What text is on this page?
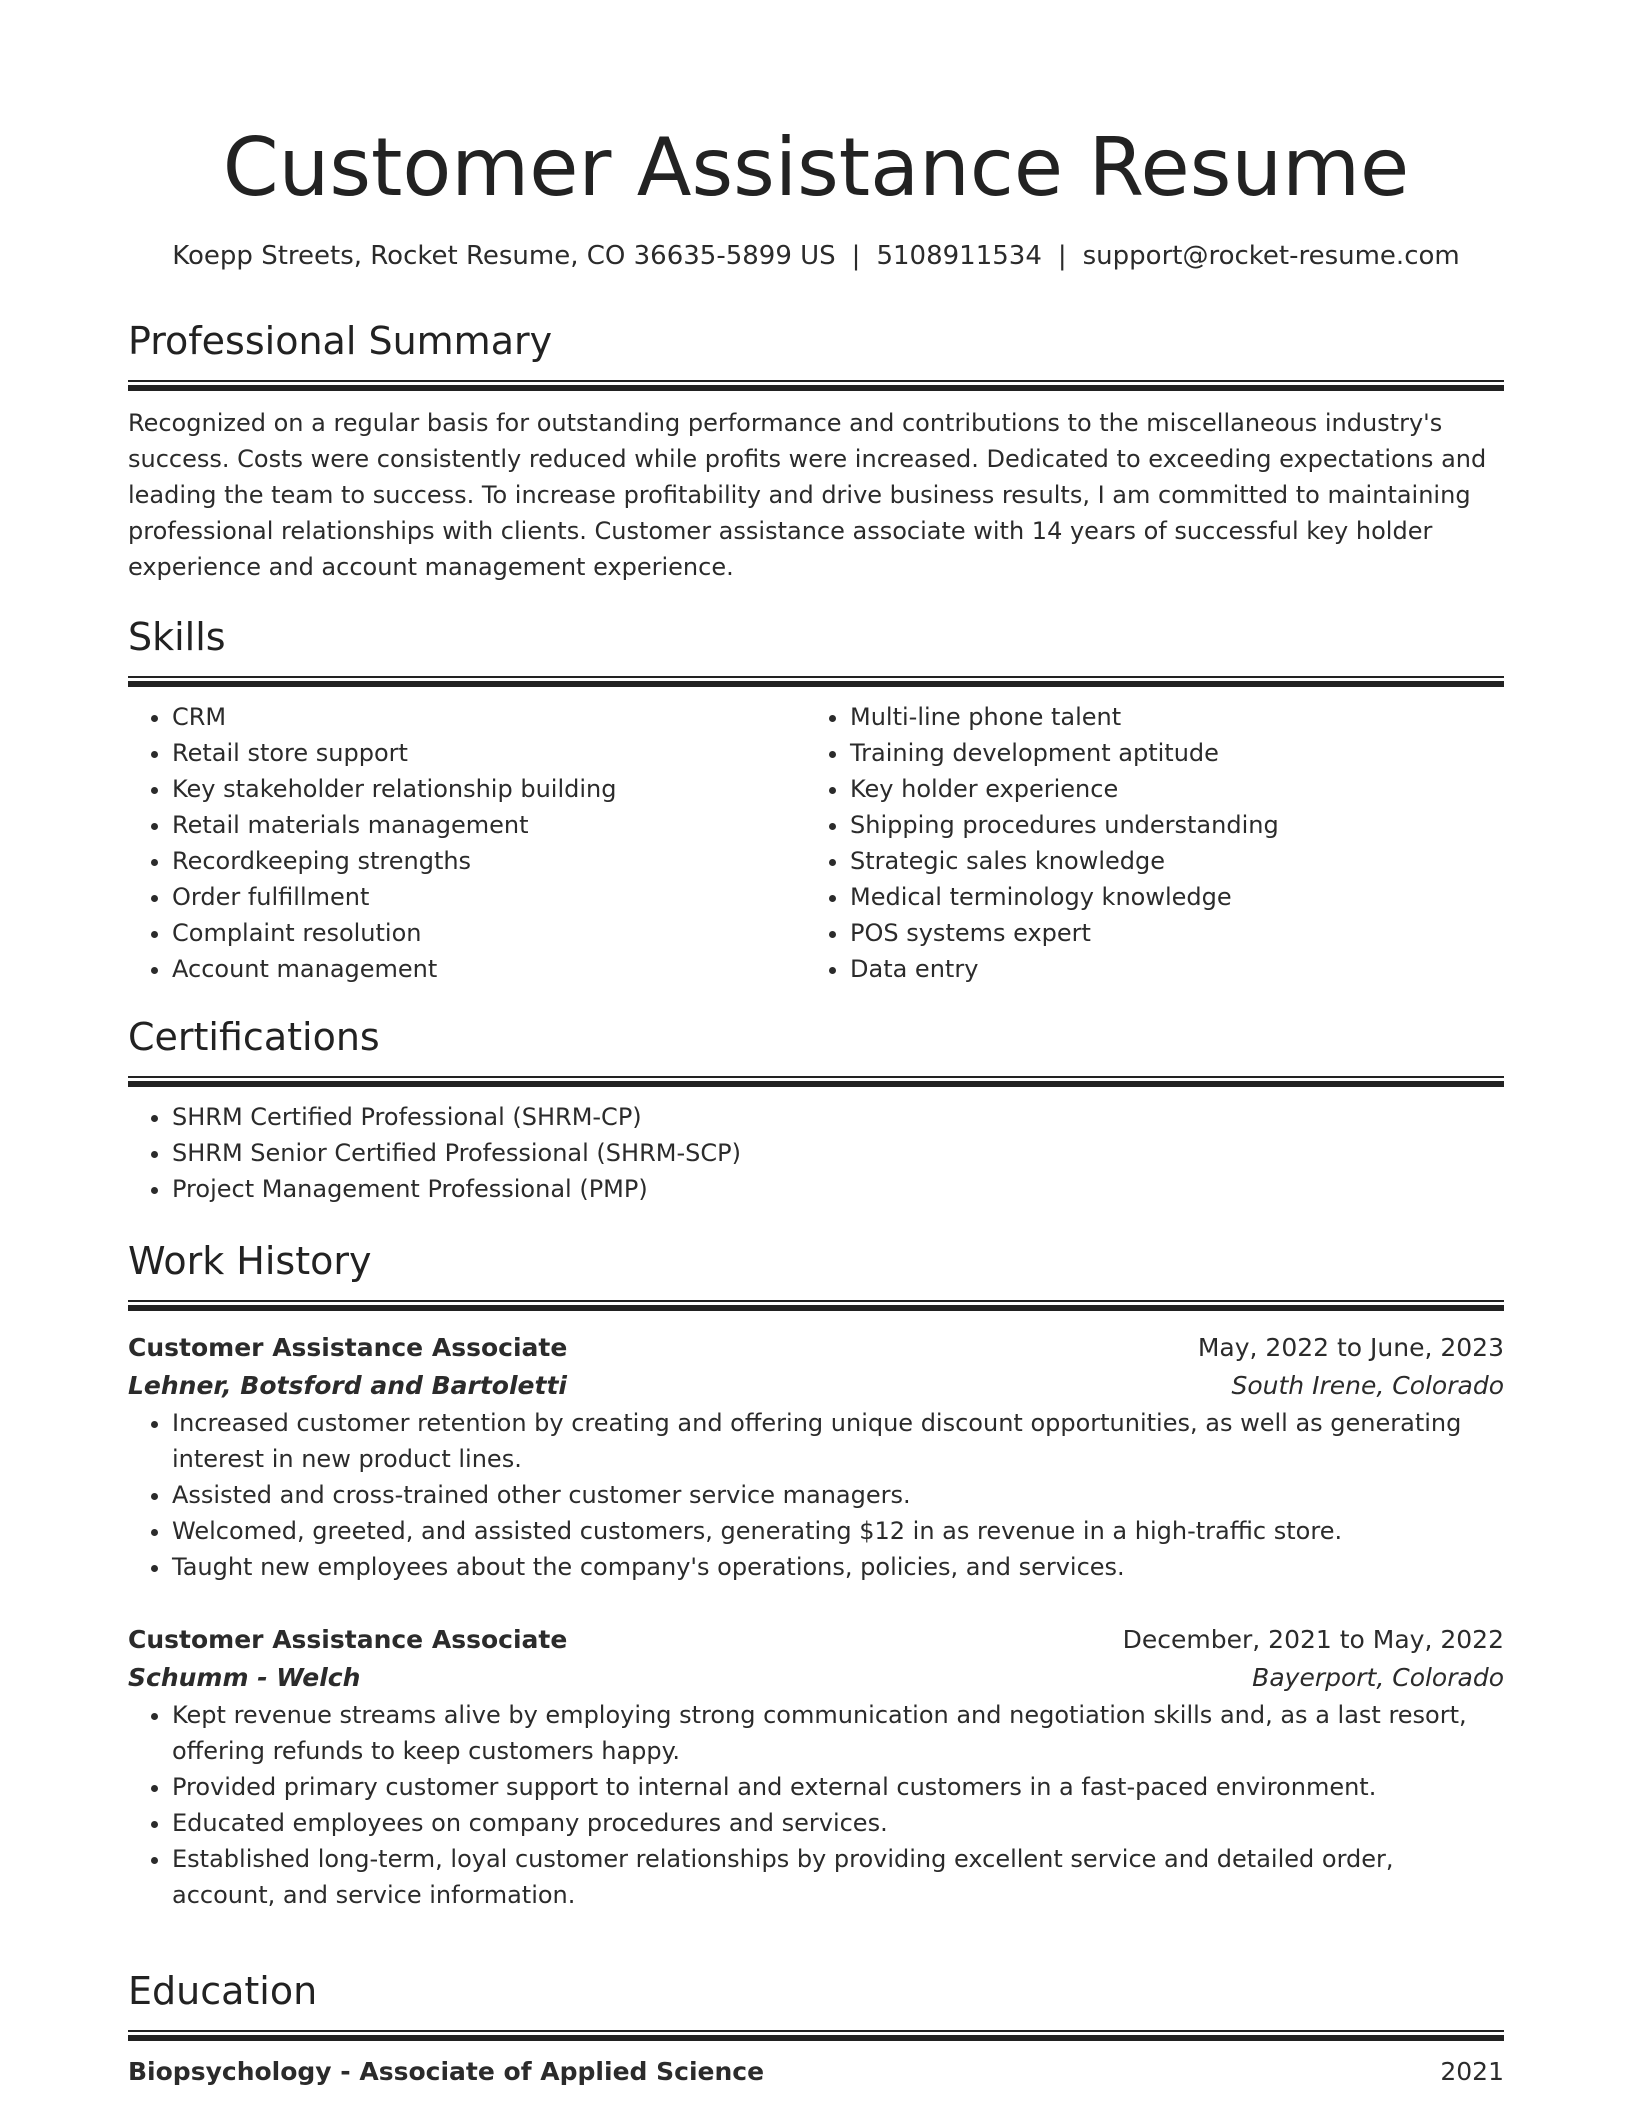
Customer Assistance Resume
Koepp Streets, Rocket Resume, CO 36635-5899 US | 5108911534 | support@rocket-resume.com
Professional Summary
Recognized on a regular basis for outstanding performance and contributions to the miscellaneous industry's success. Costs were consistently reduced while profits were increased. Dedicated to exceeding expectations and leading the team to success. To increase profitability and drive business results, I am committed to maintaining professional relationships with clients. Customer assistance associate with 14 years of successful key holder experience and account management experience.
Skills
• CRM
• Retail store support
• Key stakeholder relationship building
• Retail materials management
• Recordkeeping strengths
• Order fulfillment
• Complaint resolution
• Account management
• Multi-line phone talent
• Training development aptitude
• Key holder experience
• Shipping procedures understanding
• Strategic sales knowledge
• Medical terminology knowledge
• POS systems expert
• Data entry
Certifications
• SHRM Certified Professional (SHRM-CP)
• SHRM Senior Certified Professional (SHRM-SCP)
• Project Management Professional (PMP)
Work History
Customer Assistance Associate	May, 2022 to June, 2023
Lehner, Botsford and Bartoletti	South Irene, Colorado
• Increased customer retention by creating and offering unique discount opportunities, as well as generating interest in new product lines.
• Assisted and cross-trained other customer service managers.
• Welcomed, greeted, and assisted customers, generating $12 in as revenue in a high-traffic store.
• Taught new employees about the company's operations, policies, and services.
Customer Assistance Associate	December, 2021 to May, 2022
Schumm - Welch	Bayerport, Colorado
• Kept revenue streams alive by employing strong communication and negotiation skills and, as a last resort, offering refunds to keep customers happy.
• Provided primary customer support to internal and external customers in a fast-paced environment.
• Educated employees on company procedures and services.
• Established long-term, loyal customer relationships by providing excellent service and detailed order, account, and service information.
Education
Biopsychology - Associate of Applied Science	2021
